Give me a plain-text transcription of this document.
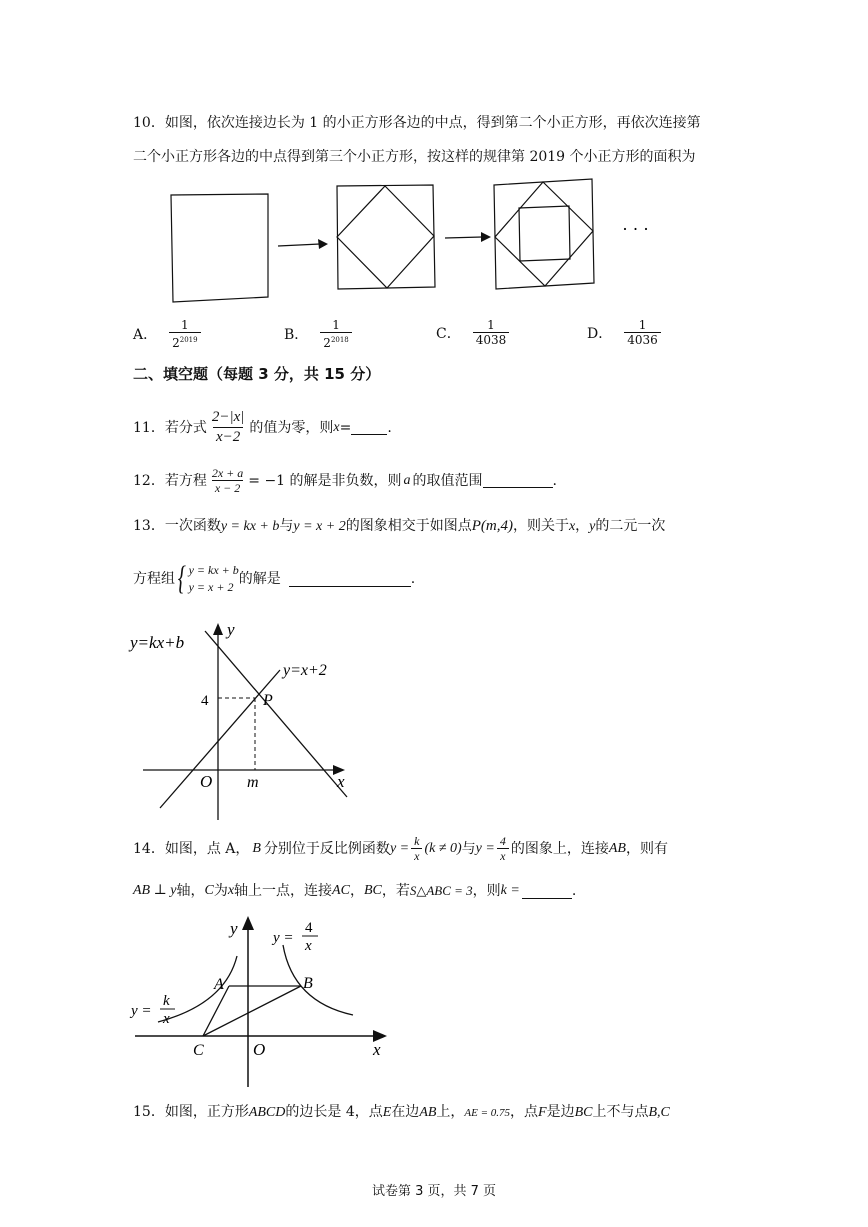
10．如图，依次连接边长为 1 的小正方形各边的中点，得到第二个小正方形，再依次连接第
二个小正方形各边的中点得到第三个小正方形，按这样的规律第 2019 个小正方形的面积为
· · ·
A． $\frac{1}{2^{2019}}$	B． $\frac{1}{2^{2018}}$	C． $\frac{1}{4038}$	D． $\frac{1}{4036}$
二、填空题（每题 3 分，共 15 分）
11．若分式 $\frac{2-|x|}{x-2}$ 的值为零，则 x =	.
12．若方程 $\frac{2x + a}{x - 2} = -1$ 的解是非负数，则 a 的取值范围	.
13．一次函数y = kx + b与y = x + 2的图象相交于如图点P(m,4)，则关于x，y的二元一次
方程组 { y = kx + b
y = x + 2 的解是	.
y=kx+b
y=x+2
y
x
O
4
m
P
14．如图，点 A， B 分别位于反比例函数 $y = \frac{k}{x} (k \ne 0)$ 与 $y = \frac{4}{x}$ 的图象上，连接 AB ，则有
AB ⊥ y 轴， C 为 x 轴上一点，连接 AC ， BC ，若 S△ABC = 3 ，则 k =	.
y
x
O
A	B
C
y =
k
x
y =
4
x
15．如图，正方形ABCD的边长是 4，点E在边AB上，AE = 0.75，点F是边BC上不与点B,C
试卷第 3 页，共 7 页
